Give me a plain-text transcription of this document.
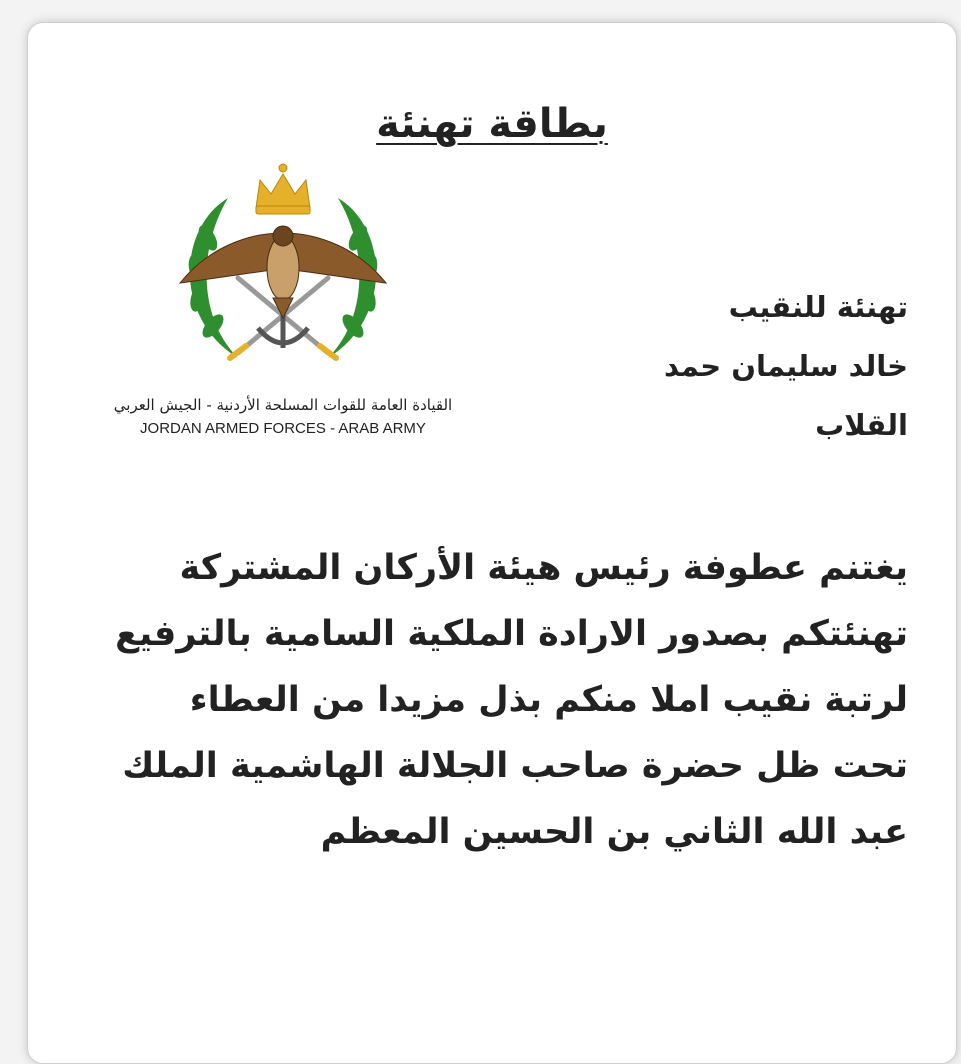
بطاقة تهنئة
القيادة العامة للقوات المسلحة الأردنية - الجيش العربي
JORDAN ARMED FORCES - ARAB ARMY
تهنئة للنقيب
خالد سليمان حمد
القلاب
يغتنم عطوفة رئيس هيئة الأركان المشتركة
تهنئتكم بصدور الارادة الملكية السامية بالترفيع
لرتبة نقيب املا منكم بذل مزيدا من العطاء
تحت ظل حضرة صاحب الجلالة الهاشمية الملك
عبد الله الثاني بن الحسين المعظم
